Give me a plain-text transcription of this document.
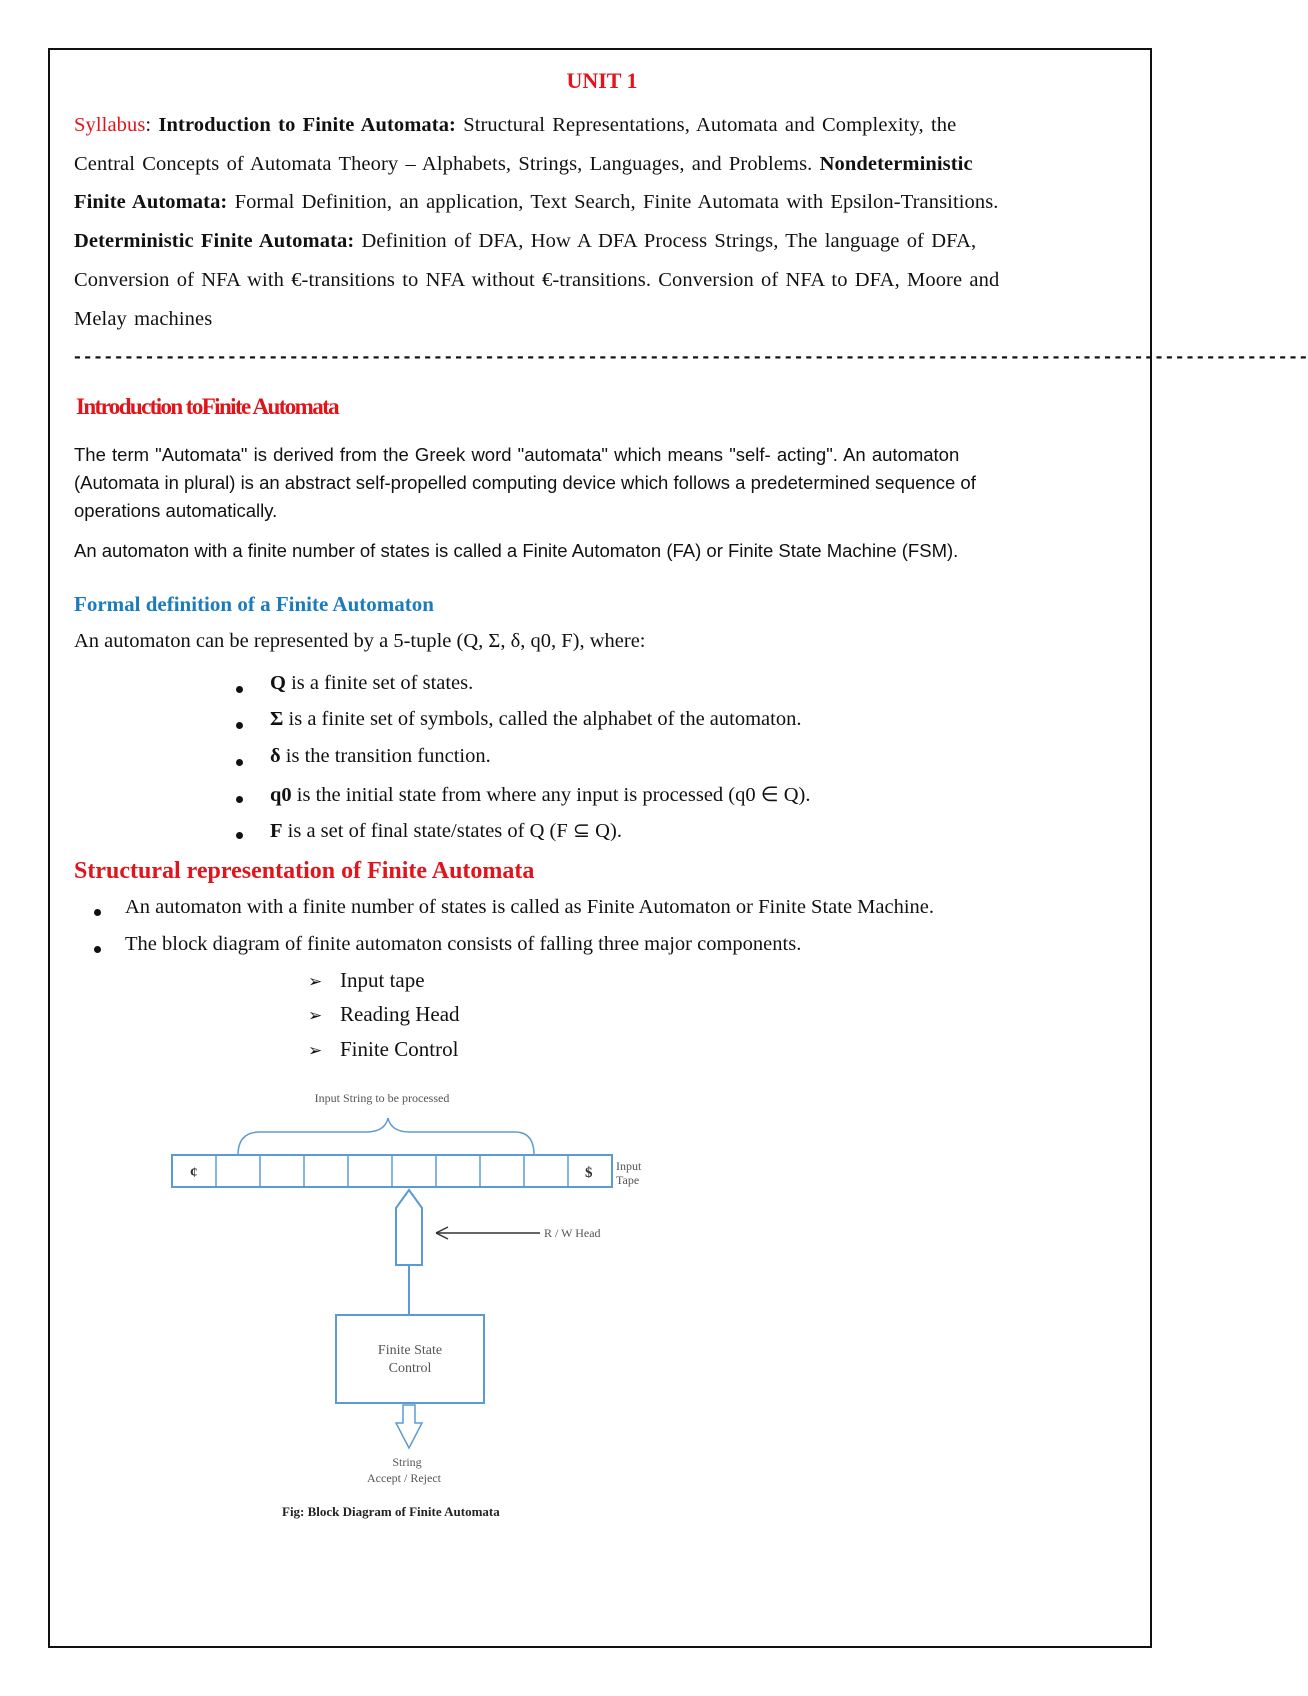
UNIT 1
Syllabus: Introduction to Finite Automata: Structural Representations, Automata and Complexity, the
Central Concepts of Automata Theory – Alphabets, Strings, Languages, and Problems. Nondeterministic
Finite Automata: Formal Definition, an application, Text Search, Finite Automata with Epsilon-Transitions.
Deterministic Finite Automata: Definition of DFA, How A DFA Process Strings, The language of DFA,
Conversion of NFA with €-transitions to NFA without €-transitions. Conversion of NFA to DFA, Moore and
Melay machines
------------------------------------------------------------------------------------------------------------------------
Introduction toFinite Automata
The term "Automata" is derived from the Greek word "automata" which means "self- acting". An automaton
(Automata in plural) is an abstract self-propelled computing device which follows a predetermined sequence of
operations automatically.
An automaton with a finite number of states is called a Finite Automaton (FA) or Finite State Machine (FSM).
Formal definition of a Finite Automaton
An automaton can be represented by a 5-tuple (Q, Σ, δ, q0, F), where:
Q is a finite set of states.
Σ is a finite set of symbols, called the alphabet of the automaton.
δ is the transition function.
q0 is the initial state from where any input is processed (q0 ∈ Q).
F is a set of final state/states of Q (F ⊆ Q).
Structural representation of Finite Automata
An automaton with a finite number of states is called as Finite Automaton or Finite State Machine.
The block diagram of finite automaton consists of falling three major components.
➢ Input tape
➢ Reading Head
➢ Finite Control
Input String to be processed
¢	$ Input
Tape
R / W Head
Finite State
Control
String
Accept / Reject
Fig: Block Diagram of Finite Automata
